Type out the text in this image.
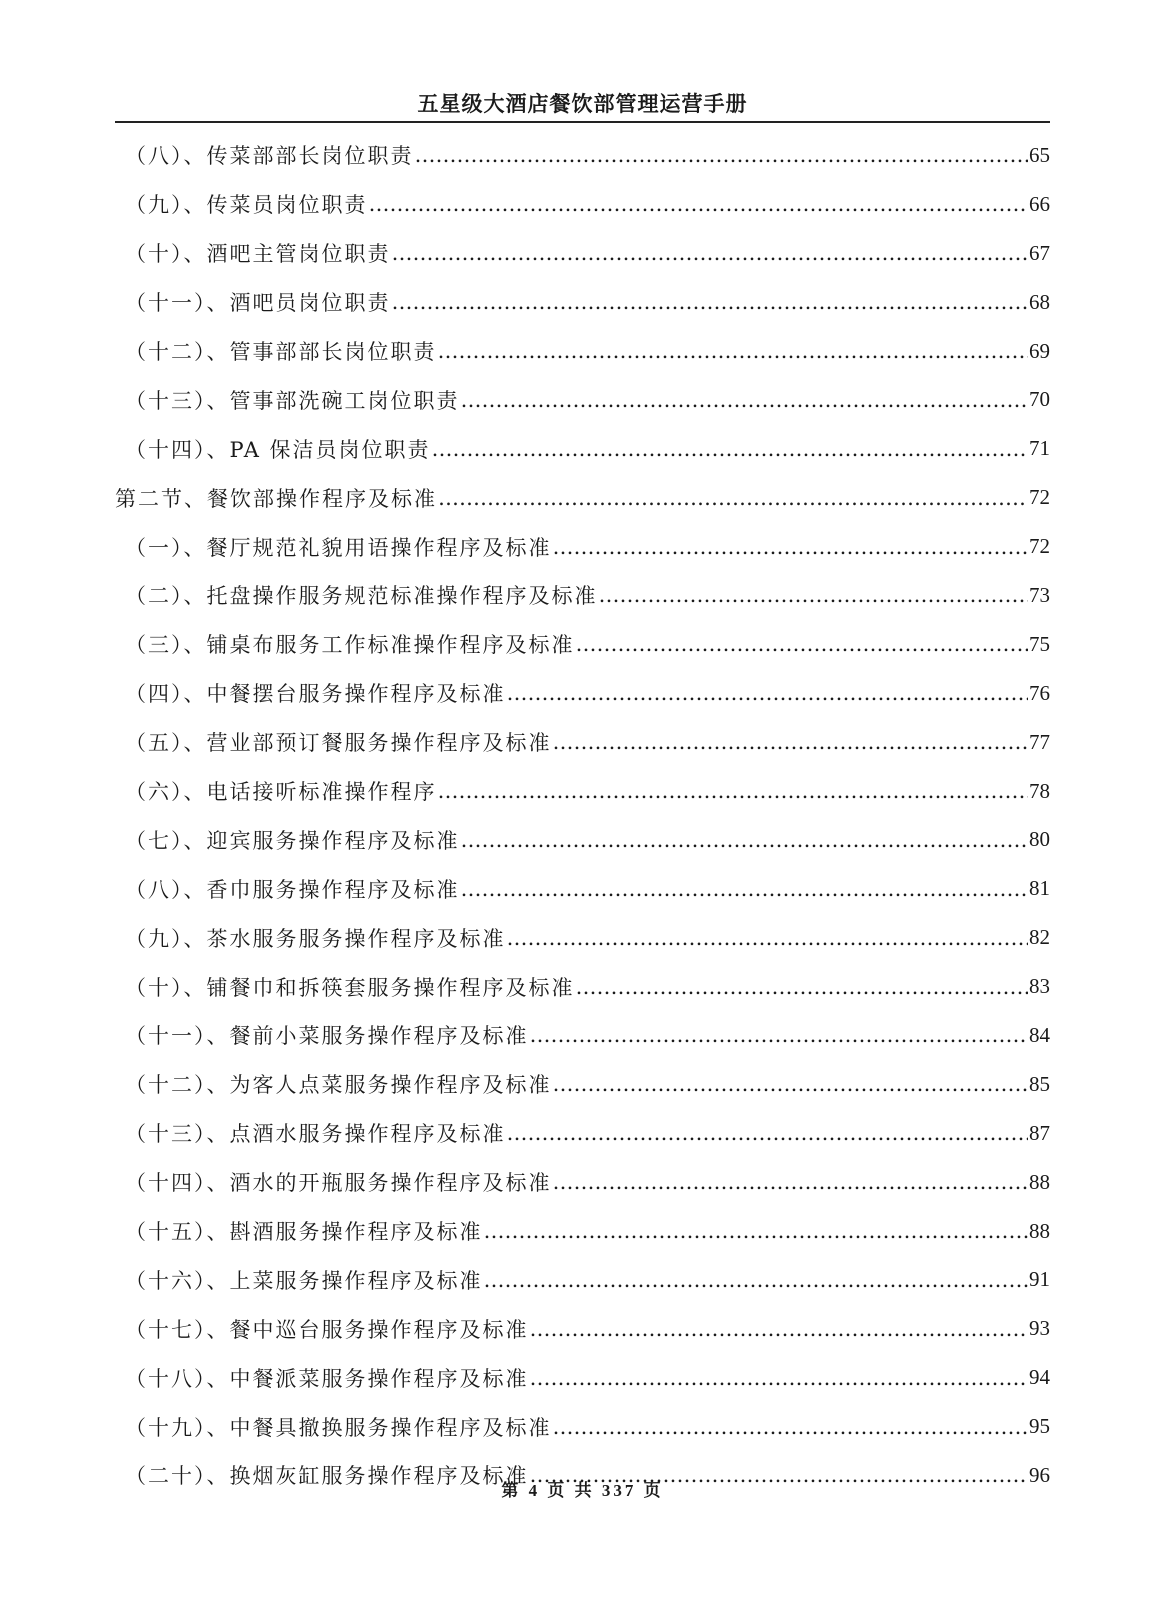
五星级大酒店餐饮部管理运营手册
（八）、传菜部部长岗位职责 …………………………………………………………………………………………………………………………………………………………………………………………………………………………………………………………………………	65
（九）、传菜员岗位职责 …………………………………………………………………………………………………………………………………………………………………………………………………………………………………………………………………………	66
（十）、酒吧主管岗位职责 …………………………………………………………………………………………………………………………………………………………………………………………………………………………………………………………………………	67
（十一）、酒吧员岗位职责 …………………………………………………………………………………………………………………………………………………………………………………………………………………………………………………………………………	68
（十二）、管事部部长岗位职责 …………………………………………………………………………………………………………………………………………………………………………………………………………………………………………………………………………	69
（十三）、管事部洗碗工岗位职责 …………………………………………………………………………………………………………………………………………………………………………………………………………………………………………………………………………	70
（十四）、PA 保洁员岗位职责 …………………………………………………………………………………………………………………………………………………………………………………………………………………………………………………………………………	71
第二节、餐饮部操作程序及标准 …………………………………………………………………………………………………………………………………………………………………………………………………………………………………………………………………………	72
（一）、餐厅规范礼貌用语操作程序及标准 …………………………………………………………………………………………………………………………………………………………………………………………………………………………………………………………………………	72
（二）、托盘操作服务规范标准操作程序及标准 …………………………………………………………………………………………………………………………………………………………………………………………………………………………………………………………………………	73
（三）、铺桌布服务工作标准操作程序及标准 …………………………………………………………………………………………………………………………………………………………………………………………………………………………………………………………………………	75
（四）、中餐摆台服务操作程序及标准 …………………………………………………………………………………………………………………………………………………………………………………………………………………………………………………………………………	76
（五）、营业部预订餐服务操作程序及标准 …………………………………………………………………………………………………………………………………………………………………………………………………………………………………………………………………………	77
（六）、电话接听标准操作程序 …………………………………………………………………………………………………………………………………………………………………………………………………………………………………………………………………………	78
（七）、迎宾服务操作程序及标准 …………………………………………………………………………………………………………………………………………………………………………………………………………………………………………………………………………	80
（八）、香巾服务操作程序及标准 …………………………………………………………………………………………………………………………………………………………………………………………………………………………………………………………………………	81
（九）、茶水服务服务操作程序及标准 …………………………………………………………………………………………………………………………………………………………………………………………………………………………………………………………………………	82
（十）、铺餐巾和拆筷套服务操作程序及标准 …………………………………………………………………………………………………………………………………………………………………………………………………………………………………………………………………………	83
（十一）、餐前小菜服务操作程序及标准 …………………………………………………………………………………………………………………………………………………………………………………………………………………………………………………………………………	84
（十二）、为客人点菜服务操作程序及标准 …………………………………………………………………………………………………………………………………………………………………………………………………………………………………………………………………………	85
（十三）、点酒水服务操作程序及标准 …………………………………………………………………………………………………………………………………………………………………………………………………………………………………………………………………………	87
（十四）、酒水的开瓶服务操作程序及标准 …………………………………………………………………………………………………………………………………………………………………………………………………………………………………………………………………………	88
（十五）、斟酒服务操作程序及标准 …………………………………………………………………………………………………………………………………………………………………………………………………………………………………………………………………………	88
（十六）、上菜服务操作程序及标准 …………………………………………………………………………………………………………………………………………………………………………………………………………………………………………………………………………	91
（十七）、餐中巡台服务操作程序及标准 …………………………………………………………………………………………………………………………………………………………………………………………………………………………………………………………………………	93
（十八）、中餐派菜服务操作程序及标准 …………………………………………………………………………………………………………………………………………………………………………………………………………………………………………………………………………	94
（十九）、中餐具撤换服务操作程序及标准 …………………………………………………………………………………………………………………………………………………………………………………………………………………………………………………………………………	95
（二十）、换烟灰缸服务操作程序及标准 …………………………………………………………………………………………………………………………………………………………………………………………………………………………………………………………………………	96
第 4 页 共 337 页
